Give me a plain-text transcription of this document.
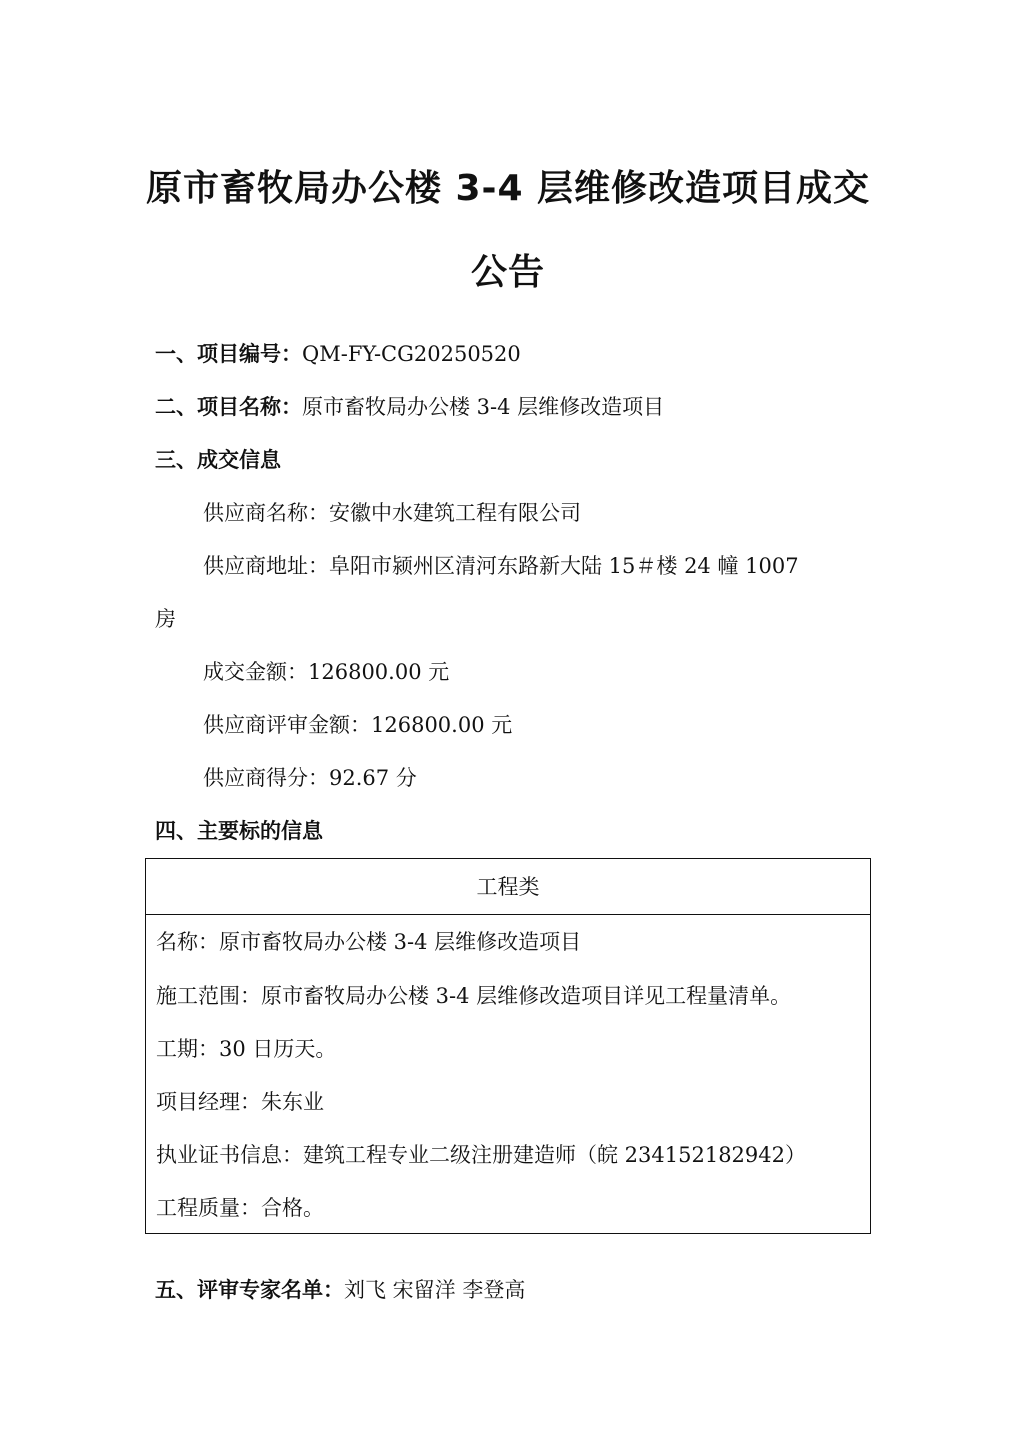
原市畜牧局办公楼 3-4 层维修改造项目成交
公告
一、项目编号：QM-FY-CG20250520
二、项目名称：原市畜牧局办公楼 3-4 层维修改造项目
三、成交信息
供应商名称：安徽中水建筑工程有限公司
供应商地址：阜阳市颍州区清河东路新大陆 15＃楼 24 幢 1007
房
成交金额：126800.00 元
供应商评审金额：126800.00 元
供应商得分：92.67 分
四、主要标的信息
工程类
名称：原市畜牧局办公楼 3-4 层维修改造项目
施工范围：原市畜牧局办公楼 3-4 层维修改造项目详见工程量清单。
工期：30 日历天。
项目经理：朱东业
执业证书信息：建筑工程专业二级注册建造师（皖 234152182942）
工程质量：合格。
五、评审专家名单：刘飞 宋留洋 李登高
